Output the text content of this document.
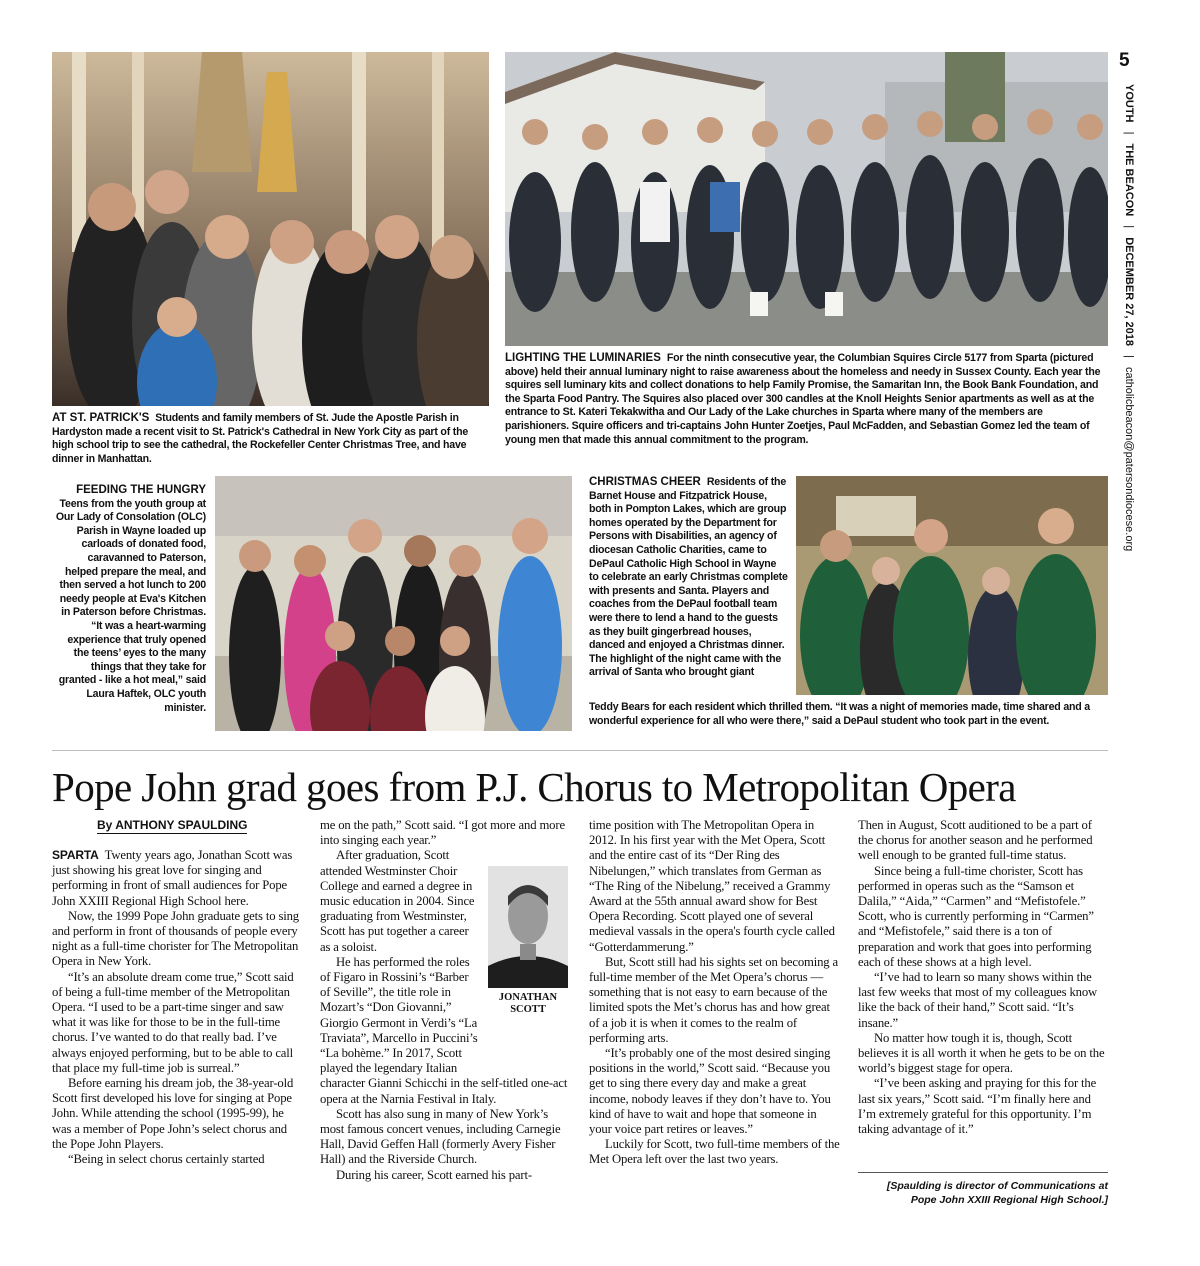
AT ST. PATRICK'S Students and family members of St. Jude the Apostle Parish in Hardyston made a recent visit to St. Patrick's Cathedral in New York City as part of the high school trip to see the cathedral, the Rockefeller Center Christmas Tree, and have dinner in Manhattan.
LIGHTING THE LUMINARIES For the ninth consecutive year, the Columbian Squires Circle 5177 from Sparta (pictured above) held their annual luminary night to raise awareness about the homeless and needy in Sussex County. Each year the squires sell luminary kits and collect donations to help Family Promise, the Samaritan Inn, the Book Bank Foundation, and the Sparta Food Pantry. The Squires also placed over 300 candles at the Knoll Heights Senior apartments as well as at the entrance to St. Kateri Tekakwitha and Our Lady of the Lake churches in Sparta where many of the members are parishioners. Squire officers and tri-captains John Hunter Zoetjes, Paul McFadden, and Sebastian Gomez led the team of young men that made this annual commitment to the program.
FEEDING THE HUNGRY
Teens from the youth group at Our Lady of Consolation (OLC) Parish in Wayne loaded up carloads of donated food, caravanned to Paterson, helped prepare the meal, and then served a hot lunch to 200 needy people at Eva's Kitchen in Paterson before Christmas. “It was a heart-warming experience that truly opened the teens’ eyes to the many things that they take for granted - like a hot meal,” said Laura Haftek, OLC youth minister.
CHRISTMAS CHEER Residents of the Barnet House and Fitzpatrick House, both in Pompton Lakes, which are group homes operated by the Department for Persons with Disabilities, an agency of diocesan Catholic Charities, came to DePaul Catholic High School in Wayne to celebrate an early Christmas complete with presents and Santa. Players and coaches from the DePaul football team were there to lend a hand to the guests as they built gingerbread houses, danced and enjoyed a Christmas dinner. The highlight of the night came with the arrival of Santa who brought giant
Teddy Bears for each resident which thrilled them. “It was a night of memories made, time shared and a wonderful experience for all who were there,” said a DePaul student who took part in the event.
5
YOUTH | THE BEACON | DECEMBER 27, 2018 | catholicbeacon@patersondiocese.org
Pope John grad goes from P.J. Chorus to Metropolitan Opera
By ANTHONY SPAULDING

SPARTA Twenty years ago, Jonathan Scott was just showing his great love for singing and performing in front of small audiences for Pope John XXIII Regional High School here.

Now, the 1999 Pope John graduate gets to sing and perform in front of thousands of people every night as a full-time chorister for The Metropolitan Opera in New York.

“It’s an absolute dream come true,” Scott said of being a full-time member of the Metropolitan Opera. “I used to be a part-time singer and saw what it was like for those to be in the full-time chorus. I’ve wanted to do that really bad. I’ve always enjoyed performing, but to be able to call that place my full-time job is surreal.”

Before earning his dream job, the 38-year-old Scott first developed his love for singing at Pope John. While attending the school (1995-99), he was a member of Pope John’s select chorus and the Pope John Players.

“Being in select chorus certainly started

me on the path,” Scott said. “I got more and more into singing each year.”

After graduation, Scott attended Westminster Choir College and earned a degree in music education in 2004. Since graduating from Westminster, Scott has put together a career as a soloist.

He has performed the roles of Figaro in Rossini’s “Barber of Seville”, the title role in Mozart’s “Don Giovanni,” Giorgio Germont in Verdi’s “La Traviata”, Marcello in Puccini’s “La bohème.” In 2017, Scott played the legendary Italian character Gianni Schicchi in the self-titled one-act opera at the Narnia Festival in Italy.

Scott has also sung in many of New York’s most famous concert venues, including Carnegie Hall, David Geffen Hall (formerly Avery Fisher Hall) and the Riverside Church.

During his career, Scott earned his part-

JONATHAN SCOTT

time position with The Metropolitan Opera in 2012. In his first year with the Met Opera, Scott and the entire cast of its “Der Ring des Nibelungen,” which translates from German as “The Ring of the Nibelung,” received a Grammy Award at the 55th annual award show for Best Opera Recording. Scott played one of several medieval vassals in the opera's fourth cycle called “Gotterdammerung.”

But, Scott still had his sights set on becoming a full-time member of the Met Opera’s chorus — something that is not easy to earn because of the limited spots the Met’s chorus has and how great of a job it is when it comes to the realm of performing arts.

“It’s probably one of the most desired singing positions in the world,” Scott said. “Because you get to sing there every day and make a great income, nobody leaves if they don’t have to. You kind of have to wait and hope that someone in your voice part retires or leaves.”

Luckily for Scott, two full-time members of the Met Opera left over the last two years.

Then in August, Scott auditioned to be a part of the chorus for another season and he performed well enough to be granted full-time status.

Since being a full-time chorister, Scott has performed in operas such as the “Samson et Dalila,” “Aida,” “Carmen” and “Mefistofele.” Scott, who is currently performing in “Carmen” and “Mefistofele,” said there is a ton of preparation and work that goes into performing each of these shows at a high level.

“I’ve had to learn so many shows within the last few weeks that most of my colleagues know like the back of their hand,” Scott said. “It’s insane.”

No matter how tough it is, though, Scott believes it is all worth it when he gets to be on the world’s biggest stage for opera.

“I’ve been asking and praying for this for the last six years,” Scott said. “I’m finally here and I’m extremely grateful for this opportunity. I’m taking advantage of it.”

[Spaulding is director of Communications at
Pope John XXIII Regional High School.]
